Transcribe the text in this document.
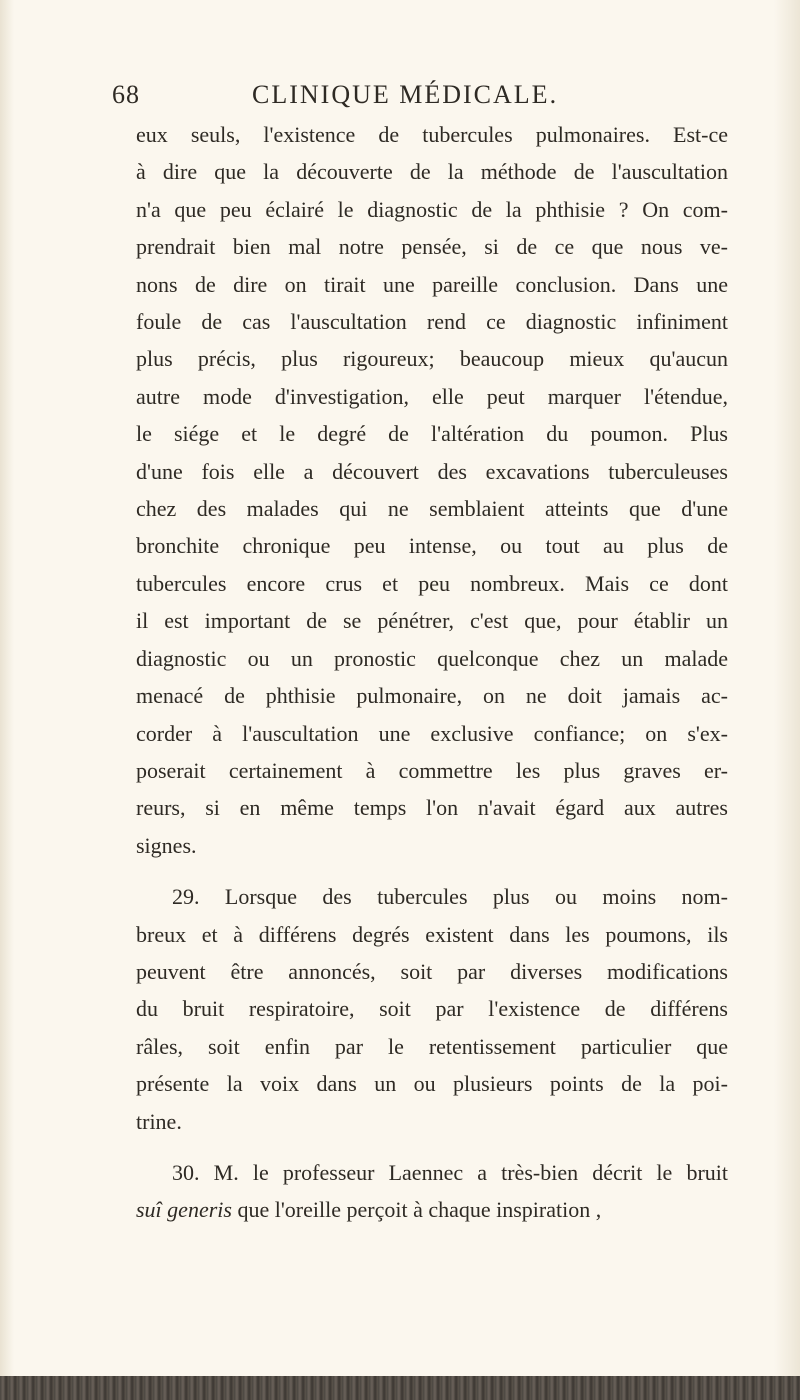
68	CLINIQUE MÉDICALE.

eux seuls, l'existence de tubercules pulmonaires. Est-ce
à dire que la découverte de la méthode de l'auscultation
n'a que peu éclairé le diagnostic de la phthisie ? On com-
prendrait bien mal notre pensée, si de ce que nous ve-
nons de dire on tirait une pareille conclusion. Dans une
foule de cas l'auscultation rend ce diagnostic infiniment
plus précis, plus rigoureux; beaucoup mieux qu'aucun
autre mode d'investigation, elle peut marquer l'étendue,
le siége et le degré de l'altération du poumon. Plus
d'une fois elle a découvert des excavations tuberculeuses
chez des malades qui ne semblaient atteints que d'une
bronchite chronique peu intense, ou tout au plus de
tubercules encore crus et peu nombreux. Mais ce dont
il est important de se pénétrer, c'est que, pour établir un
diagnostic ou un pronostic quelconque chez un malade
menacé de phthisie pulmonaire, on ne doit jamais ac-
corder à l'auscultation une exclusive confiance; on s'ex-
poserait certainement à commettre les plus graves er-
reurs, si en même temps l'on n'avait égard aux autres
signes.

29. Lorsque des tubercules plus ou moins nom-
breux et à différens degrés existent dans les poumons, ils
peuvent être annoncés, soit par diverses modifications
du bruit respiratoire, soit par l'existence de différens
râles, soit enfin par le retentissement particulier que
présente la voix dans un ou plusieurs points de la poi-
trine.

30. M. le professeur Laennec a très-bien décrit le bruit
suî generis que l'oreille perçoit à chaque inspiration ,
